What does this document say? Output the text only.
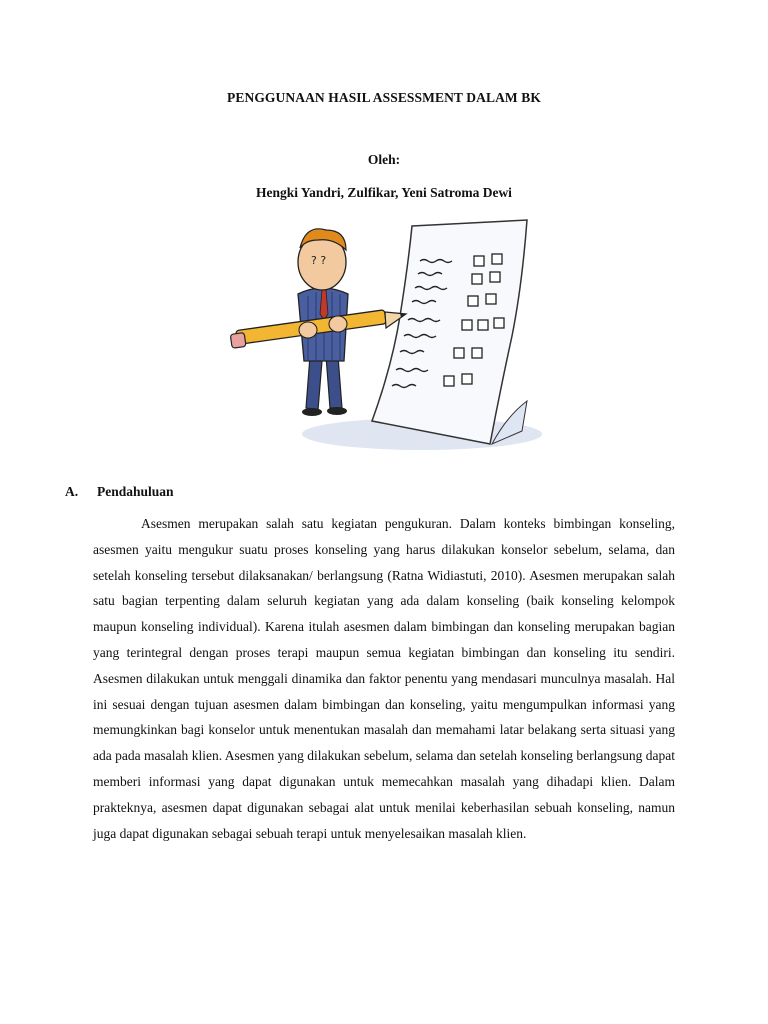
PENGGUNAAN HASIL ASSESSMENT DALAM BK
Oleh:
Hengki Yandri, Zulfikar, Yeni Satroma Dewi
? ?
A. Pendahuluan

Asesmen merupakan salah satu kegiatan pengukuran. Dalam konteks bimbingan konseling, asesmen yaitu mengukur suatu proses konseling yang harus dilakukan konselor sebelum, selama, dan setelah konseling tersebut dilaksanakan/ berlangsung (Ratna Widiastuti, 2010). Asesmen merupakan salah satu bagian terpenting dalam seluruh kegiatan yang ada dalam konseling (baik konseling kelompok maupun konseling individual). Karena itulah asesmen dalam bimbingan dan konseling merupakan bagian yang terintegral dengan proses terapi maupun semua kegiatan bimbingan dan konseling itu sendiri. Asesmen dilakukan untuk menggali dinamika dan faktor penentu yang mendasari munculnya masalah. Hal ini sesuai dengan tujuan asesmen dalam bimbingan dan konseling, yaitu mengumpulkan informasi yang memungkinkan bagi konselor untuk menentukan masalah dan memahami latar belakang serta situasi yang ada pada masalah klien. Asesmen yang dilakukan sebelum, selama dan setelah konseling berlangsung dapat memberi informasi yang dapat digunakan untuk memecahkan masalah yang dihadapi klien. Dalam prakteknya, asesmen dapat digunakan sebagai alat untuk menilai keberhasilan sebuah konseling, namun juga dapat digunakan sebagai sebuah terapi untuk menyelesaikan masalah klien.
